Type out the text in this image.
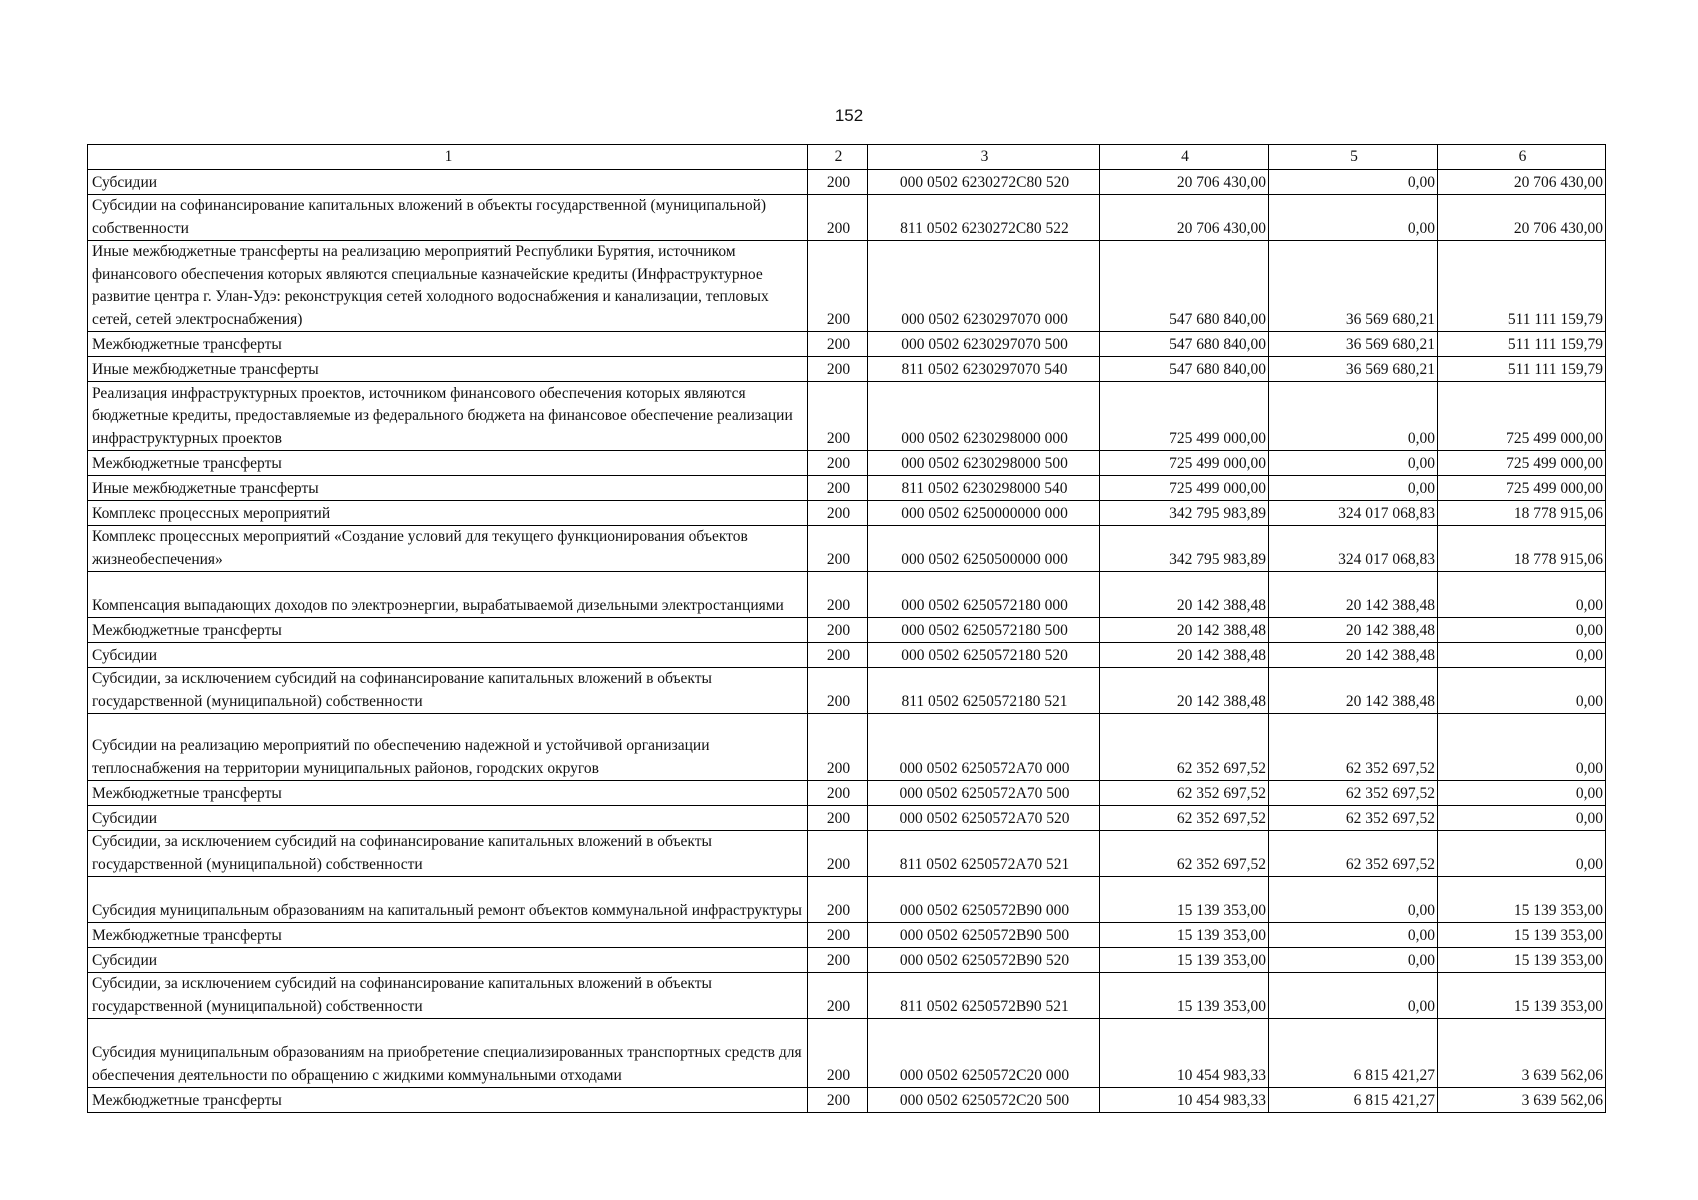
152
1	2	3	4	5	6
Субсидии	200	000 0502 6230272С80 520	20 706 430,00	0,00	20 706 430,00
Субсидии на софинансирование капитальных вложений в объекты государственной (муниципальной) собственности	200	811 0502 6230272С80 522	20 706 430,00	0,00	20 706 430,00
Иные межбюджетные трансферты на реализацию мероприятий Республики Бурятия, источником финансового обеспечения которых являются специальные казначейские кредиты (Инфраструктурное развитие центра г. Улан-Удэ: реконструкция сетей холодного водоснабжения и канализации, тепловых сетей, сетей электроснабжения)	200	000 0502 6230297070 000	547 680 840,00	36 569 680,21	511 111 159,79
Межбюджетные трансферты	200	000 0502 6230297070 500	547 680 840,00	36 569 680,21	511 111 159,79
Иные межбюджетные трансферты	200	811 0502 6230297070 540	547 680 840,00	36 569 680,21	511 111 159,79
Реализация инфраструктурных проектов, источником финансового обеспечения которых являются бюджетные кредиты, предоставляемые из федерального бюджета на финансовое обеспечение реализации инфраструктурных проектов	200	000 0502 6230298000 000	725 499 000,00	0,00	725 499 000,00
Межбюджетные трансферты	200	000 0502 6230298000 500	725 499 000,00	0,00	725 499 000,00
Иные межбюджетные трансферты	200	811 0502 6230298000 540	725 499 000,00	0,00	725 499 000,00
Комплекс процессных мероприятий	200	000 0502 6250000000 000	342 795 983,89	324 017 068,83	18 778 915,06
Комплекс процессных мероприятий «Создание условий для текущего функционирования объектов жизнеобеспечения»	200	000 0502 6250500000 000	342 795 983,89	324 017 068,83	18 778 915,06
Компенсация выпадающих доходов по электроэнергии, вырабатываемой дизельными электростанциями	200	000 0502 6250572180 000	20 142 388,48	20 142 388,48	0,00
Межбюджетные трансферты	200	000 0502 6250572180 500	20 142 388,48	20 142 388,48	0,00
Субсидии	200	000 0502 6250572180 520	20 142 388,48	20 142 388,48	0,00
Субсидии, за исключением субсидий на софинансирование капитальных вложений в объекты государственной (муниципальной) собственности	200	811 0502 6250572180 521	20 142 388,48	20 142 388,48	0,00
Субсидии на реализацию мероприятий по обеспечению надежной и устойчивой организации теплоснабжения на территории муниципальных районов, городских округов	200	000 0502 6250572А70 000	62 352 697,52	62 352 697,52	0,00
Межбюджетные трансферты	200	000 0502 6250572А70 500	62 352 697,52	62 352 697,52	0,00
Субсидии	200	000 0502 6250572А70 520	62 352 697,52	62 352 697,52	0,00
Субсидии, за исключением субсидий на софинансирование капитальных вложений в объекты государственной (муниципальной) собственности	200	811 0502 6250572А70 521	62 352 697,52	62 352 697,52	0,00
Субсидия муниципальным образованиям на капитальный ремонт объектов коммунальной инфраструктуры	200	000 0502 6250572В90 000	15 139 353,00	0,00	15 139 353,00
Межбюджетные трансферты	200	000 0502 6250572В90 500	15 139 353,00	0,00	15 139 353,00
Субсидии	200	000 0502 6250572В90 520	15 139 353,00	0,00	15 139 353,00
Субсидии, за исключением субсидий на софинансирование капитальных вложений в объекты государственной (муниципальной) собственности	200	811 0502 6250572В90 521	15 139 353,00	0,00	15 139 353,00
Субсидия муниципальным образованиям на приобретение специализированных транспортных средств для обеспечения деятельности по обращению с жидкими коммунальными отходами	200	000 0502 6250572С20 000	10 454 983,33	6 815 421,27	3 639 562,06
Межбюджетные трансферты	200	000 0502 6250572С20 500	10 454 983,33	6 815 421,27	3 639 562,06
